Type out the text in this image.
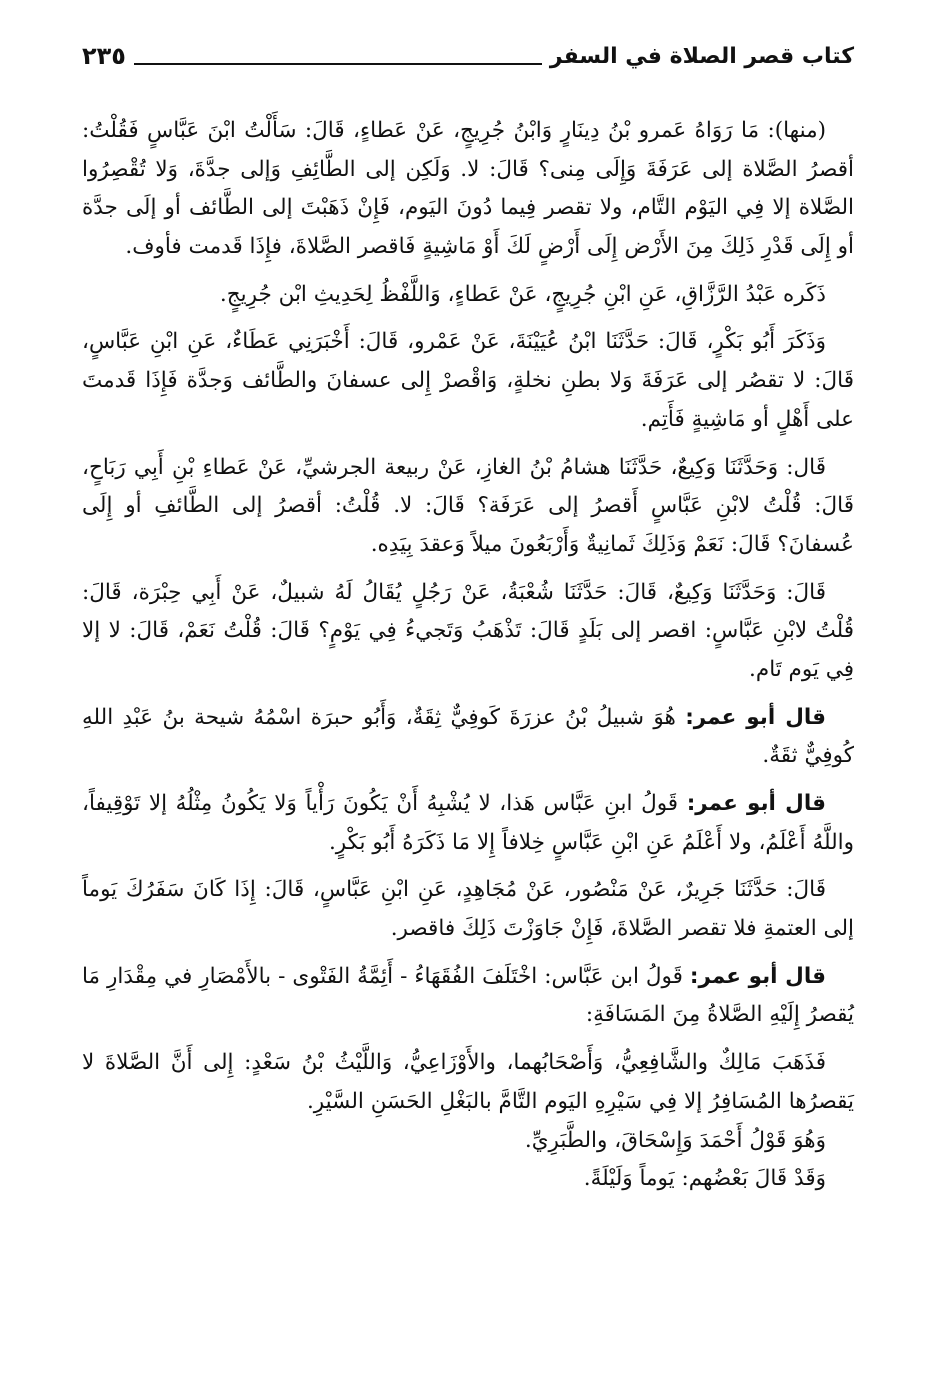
كتاب قصر الصلاة في السفر
٢٣٥

(منها): مَا رَوَاهُ عَمرو بْنُ دِينَارٍ وَابْنُ جُرِيجٍ، عَنْ عَطاءٍ، قَالَ: سَأَلْتُ ابْنَ عَبَّاسٍ فَقُلْتُ: أقصرُ الصَّلاة إلى عَرَفَةَ وَإِلَى مِنى؟ قَالَ: لا. وَلَكِن إلى الطَّائِفِ وَإلى جدَّةَ، وَلا تُقْصِرُوا الصَّلاة إلا فِي اليَوْم التَّام، ولا تقصر فِيما دُونَ اليَوم، فَإِنْ ذَهَبْتَ إلى الطَّائف أو إلَى جدَّة أو إِلَى قَدْرِ ذَلِكَ مِنَ الأَرْض إِلَى أَرْضٍ لَكَ أَوْ مَاشِيةٍ فَاقصر الصَّلاةَ، فإِذَا قَدمت فأوف.

ذَكَره عَبْدُ الرَّزَّاقِ، عَنِ ابْنِ جُرِيجٍ، عَنْ عَطاءٍ، وَاللَّفْظُ لِحَدِيثِ ابْن جُرِيجٍ.

وَذَكَرَ أَبُو بَكْرٍ، قَالَ: حَدَّثَنَا ابْنُ عُيَيْنَةَ، عَنْ عَمْرو، قَالَ: أَخْبَرَنِي عَطَاءٌ، عَنِ ابْنِ عَبَّاسٍ، قَالَ: لا تقصُر إلى عَرَفَةَ وَلا بطنِ نخلةٍ، وَاقْصرْ إِلى عسفانَ والطَّائف وَجدَّة فَإِذَا قَدمتَ على أَهْلٍ أو مَاشِيةٍ فَأَتِم.

قَال: وَحَدَّثَنَا وَكِيعٌ، حَدَّثَنَا هشامُ بْنُ الغازِ، عَنْ ربيعة الجرشيِّ، عَنْ عَطاءِ بْنِ أَبِي رَبَاحٍ، قَالَ: قُلْتُ لابْنِ عَبَّاسٍ أَقصرُ إلى عَرَفَة؟ قَالَ: لا. قُلْتُ: أقصرُ إلى الطَّائفِ أو إِلَى عُسفانَ؟ قَالَ: نَعَمْ وَذَلِكَ ثَمانِيةٌ وَأَرْبَعُونَ ميلاً وَعقدَ بِيَدِه.

قَالَ: وَحَدَّثَنَا وَكِيعٌ، قَالَ: حَدَّثَنَا شُعْبَةُ، عَنْ رَجُلٍ يُقَالُ لَهُ شبيلٌ، عَنْ أَبِي حِبْرَة، قَالَ: قُلْتُ لابْنِ عَبَّاسٍ: اقصر إلى بَلَدٍ قَالَ: تَذْهَبُ وَتَجيءُ فِي يَوْمٍ؟ قَالَ: قُلْتُ نَعَمْ، قَالَ: لا إلا فِي يَوم تَام.

قال أبو عمر: هُوَ شبيلُ بْنُ عزرَةَ كَوفِيٌّ ثِقَةٌ، وَأَبُو حبرَة اسْمُهُ شيحة بنُ عَبْدِ اللهِ كُوفِيٌّ ثقَةٌ.

قال أبو عمر: قَولُ ابنِ عَبَّاس هَذا، لا يُشْبِهُ أَنْ يَكُونَ رَأْياً وَلا يَكُونُ مِثْلُهُ إلا تَوْقِيفاً، واللَّهُ أَعْلَمُ، ولا أَعْلَمُ عَنِ ابْنِ عَبَّاسٍ خِلافاً إِلا مَا ذَكَرَهُ أَبُو بَكْرٍ.

قَالَ: حَدَّثَنَا جَرِيرٌ، عَنْ مَنْصُور، عَنْ مُجَاهِدٍ، عَنِ ابْنِ عَبَّاسٍ، قَالَ: إِذَا كَانَ سَفَرُكَ يَوماً إلى العتمةِ فلا تقصر الصَّلاةَ، فَإِنْ جَاوَزْتَ ذَلِكَ فاقصر.

قال أبو عمر: قَولُ ابن عَبَّاس: اخْتَلَفَ الفُقَهَاءُ - أَئِمَّةُ الفَتْوى - بالأَمْصَارِ في مِقْدَارِ مَا يُقصرُ إِلَيْهِ الصَّلاةُ مِنَ المَسَافَةِ:

فَذَهَبَ مَالِكٌ والشَّافِعِيُّ، وَأَصْحَابُهما، والأَوْزَاعِيُّ، وَاللَّيْثُ بْنُ سَعْدٍ: إِلى أَنَّ الصَّلاةَ لا يَقصرُها المُسَافِرُ إلا فِي سَيْرِهِ اليَوم التَّامَّ بالبَغْلِ الحَسَنِ السَّيْرِ.

وَهُوَ قَوْلُ أَحْمَدَ وَإِسْحَاقَ، والطَّبَرِيِّ.

وَقَدْ قَالَ بَعْضُهم: يَوماً وَلَيْلَةً.
